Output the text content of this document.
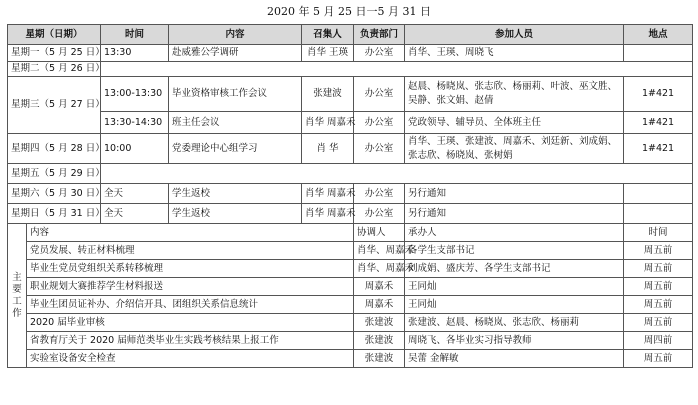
2020 年 5 月 25 日一5 月 31 日
星期（日期）		时间	内容	召集人	负责部门	参加人员	地点
星期一（5 月 25 日）		13:30	赴威雅公学调研	肖华 王瑛	办公室	肖华、王瑛、周晓飞	
星期二（5 月 26 日）							
星期三（5 月 27 日）		13:00-13:30	毕业资格审核工作会议	张建波	办公室	赵晨、杨晓岚、张志欣、杨丽莉、叶波、巫文胜、吴静、张文娟、赵倩	1#421
		13:30-14:30	班主任会议	肖华 周嘉禾	办公室	党政领导、辅导员、全体班主任	1#421
星期四（5 月 28 日）		10:00	党委理论中心组学习	肖 华	办公室	肖华、王瑛、张建波、周嘉禾、刘廷新、刘成娟、张志欣、杨晓岚、张树娟	1#421
星期五（5 月 29 日）							
星期六（5 月 30 日）		全天	学生返校	肖华 周嘉禾	办公室	另行通知	
星期日（5 月 31 日）		全天	学生返校	肖华 周嘉禾	办公室	另行通知	
主要工作	内容				协调人	承办人	时间
	党员发展、转正材料梳理				肖华、周嘉禾	各学生支部书记	周五前
	毕业生党员党组织关系转移梳理				肖华、周嘉禾	刘成娟、盛庆芳、各学生支部书记	周五前
	职业规划大赛推荐学生材料报送				周嘉禾	王同灿	周五前
	毕业生团员证补办、介绍信开具、团组织关系信息统计				周嘉禾	王同灿	周五前
	2020 届毕业审核				张建波	张建波、赵晨、杨晓岚、张志欣、杨丽莉	周五前
	省教育厅关于 2020 届师范类毕业生实践考核结果上报工作				张建波	周晓飞、各毕业实习指导教师	周四前
	实验室设备安全检查				张建波	吴蕾 金解敏	周五前
